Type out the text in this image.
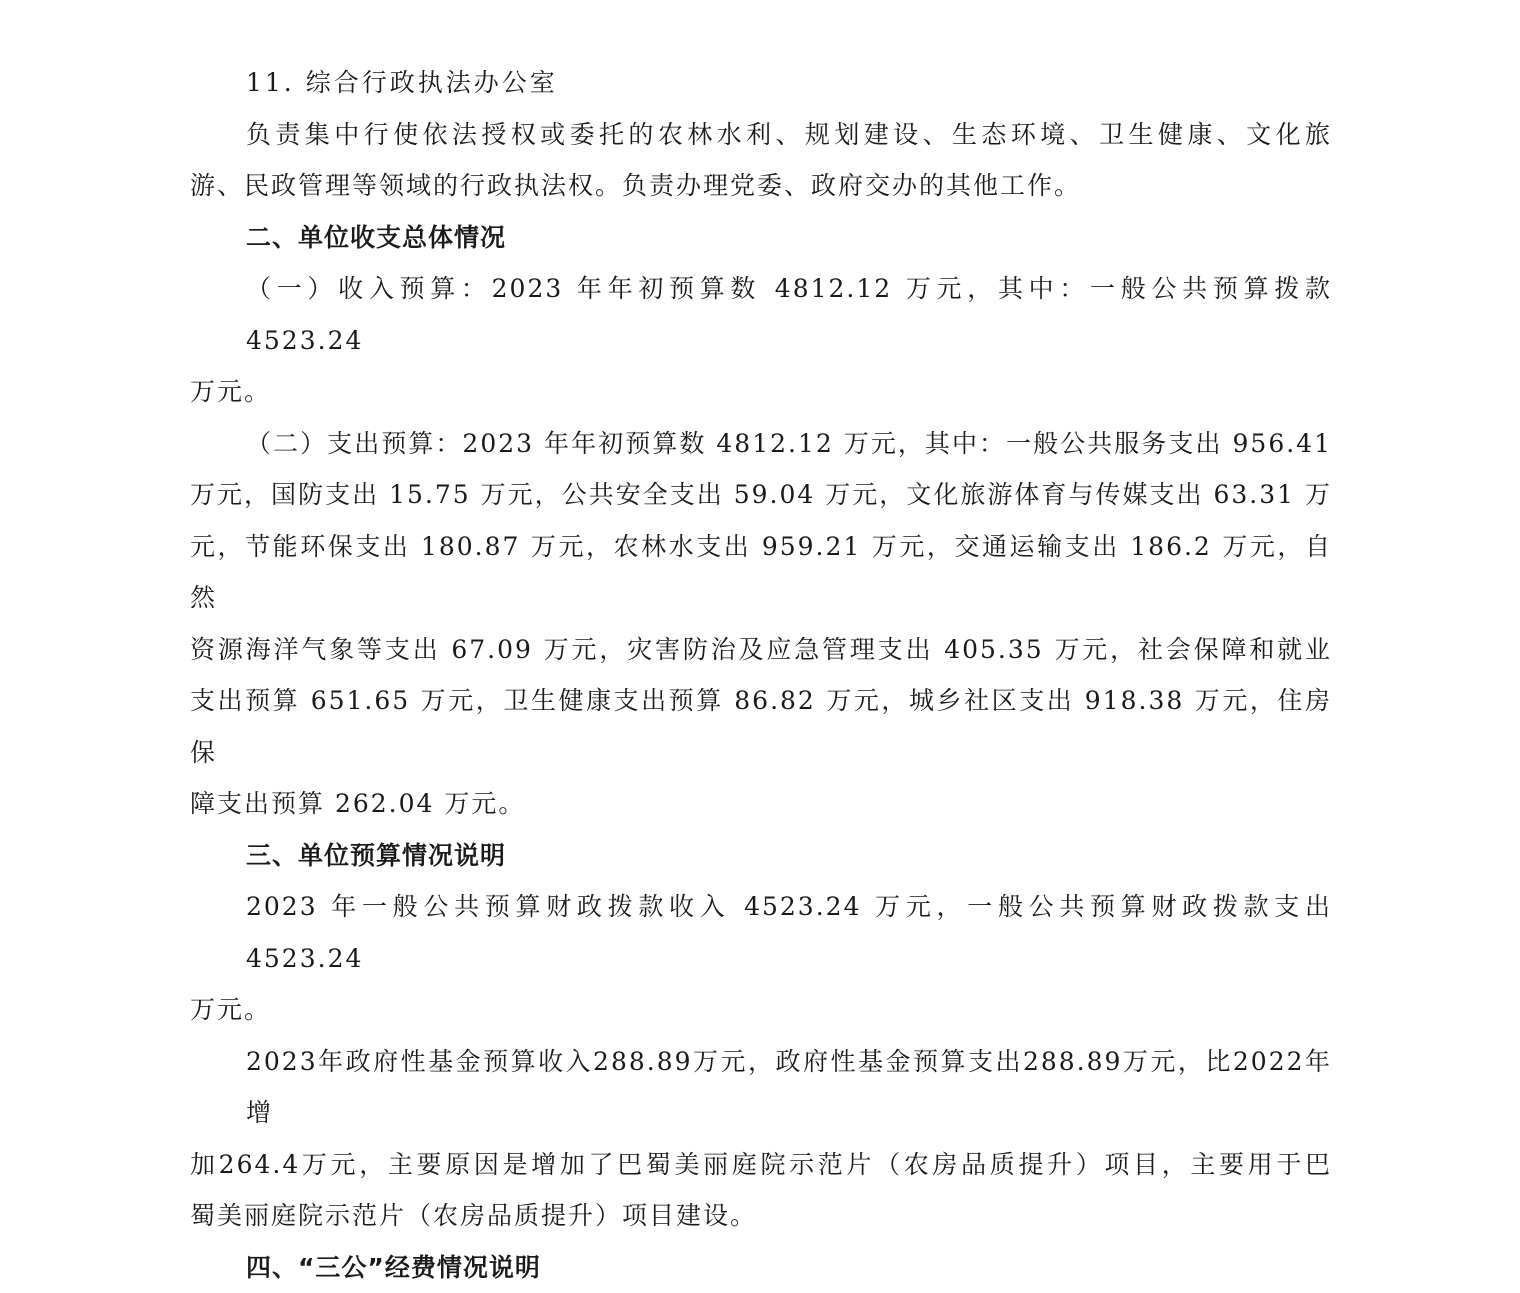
11. 综合行政执法办公室

负责集中行使依法授权或委托的农林水利、规划建设、生态环境、卫生健康、文化旅

游、民政管理等领域的行政执法权。负责办理党委、政府交办的其他工作。

二、单位收支总体情况

（一）收入预算：2023 年年初预算数 4812.12 万元，其中：一般公共预算拨款 4523.24

万元。

（二）支出预算：2023 年年初预算数 4812.12 万元，其中：一般公共服务支出 956.41

万元，国防支出 15.75 万元，公共安全支出 59.04 万元，文化旅游体育与传媒支出 63.31 万

元，节能环保支出 180.87 万元，农林水支出 959.21 万元，交通运输支出 186.2 万元，自然

资源海洋气象等支出 67.09 万元，灾害防治及应急管理支出 405.35 万元，社会保障和就业

支出预算 651.65 万元，卫生健康支出预算 86.82 万元，城乡社区支出 918.38 万元，住房保

障支出预算 262.04 万元。

三、单位预算情况说明

2023 年一般公共预算财政拨款收入 4523.24 万元，一般公共预算财政拨款支出 4523.24

万元。

2023年政府性基金预算收入288.89万元，政府性基金预算支出288.89万元，比2022年增

加264.4万元，主要原因是增加了巴蜀美丽庭院示范片（农房品质提升）项目，主要用于巴

蜀美丽庭院示范片（农房品质提升）项目建设。

四、“三公”经费情况说明
